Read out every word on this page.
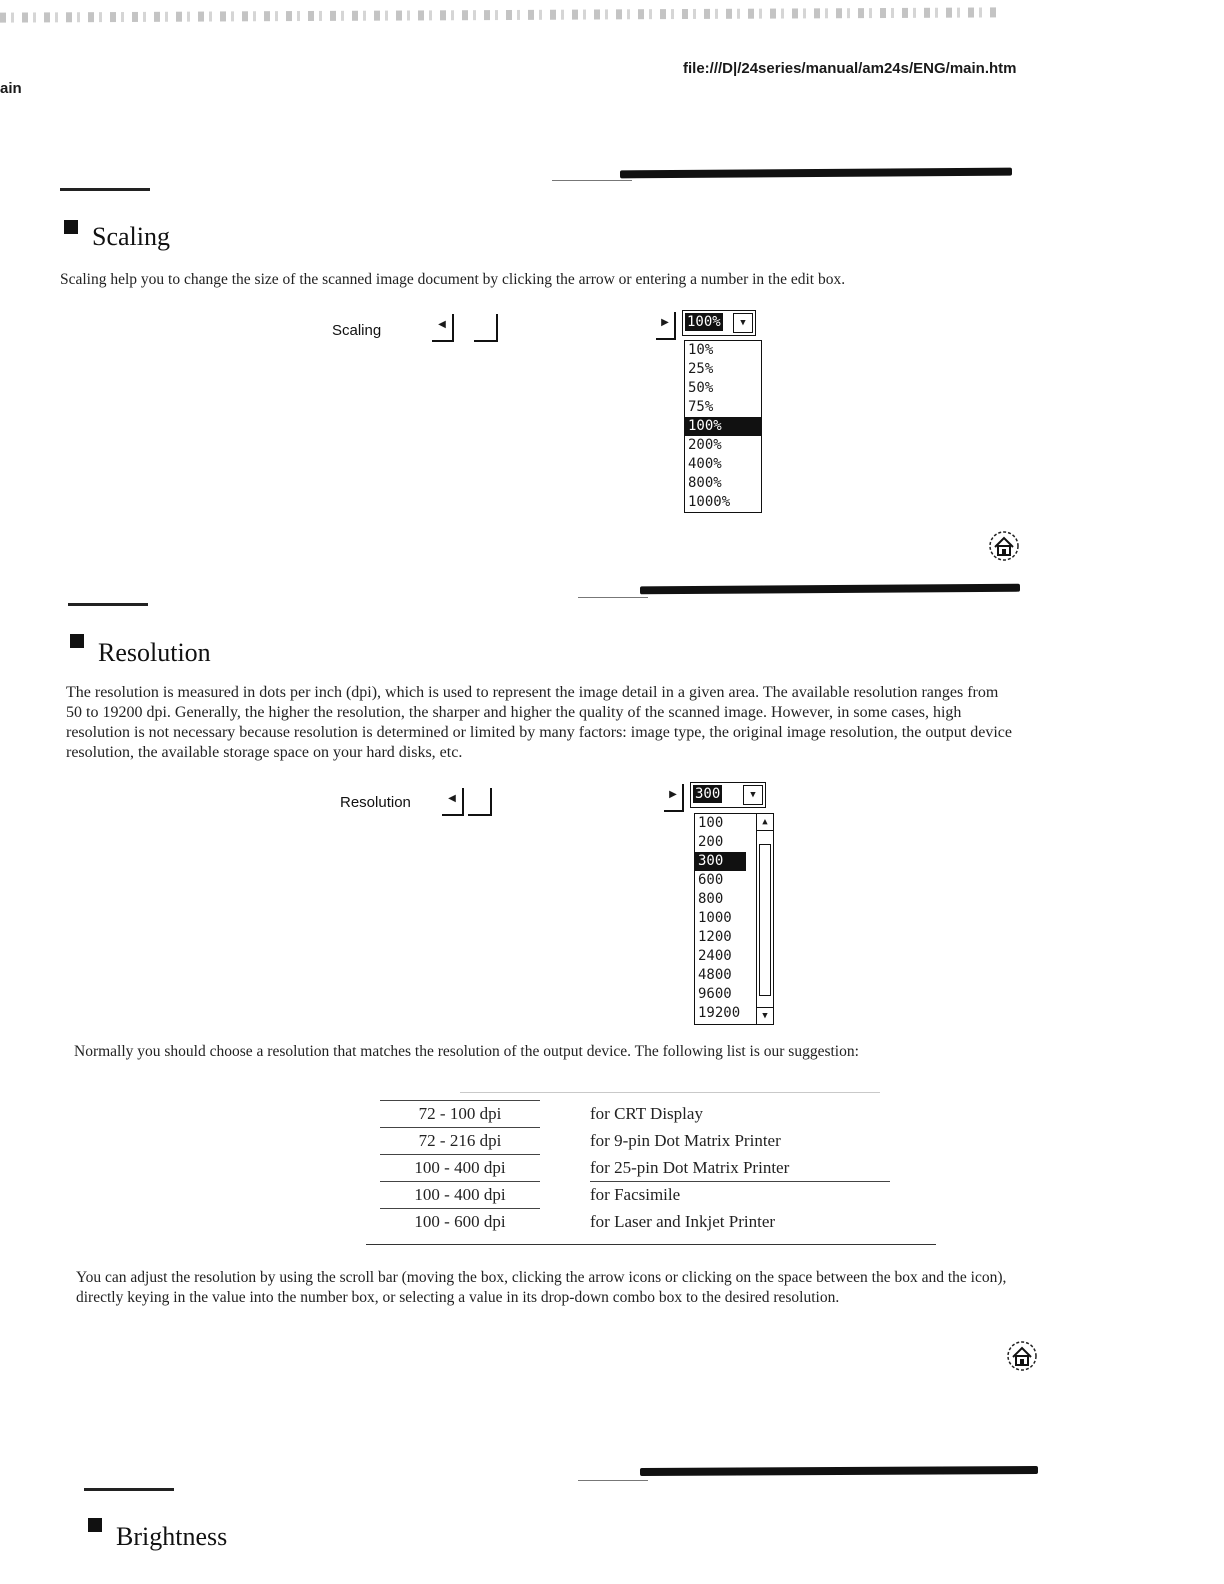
ain
file:///D|/24series/manual/am24s/ENG/main.htm
Scaling
Scaling help you to change the size of the scanned image document by clicking the arrow or entering a number in the edit box.
Scaling	◀	▶	100%	▼
10%
25%
50%
75%
100%
200%
400%
800%
1000%
Resolution
The resolution is measured in dots per inch (dpi), which is used to represent the image detail in a given area. The available resolution ranges from 50 to 19200 dpi. Generally, the higher the resolution, the sharper and higher the quality of the scanned image. However, in some cases, high resolution is not necessary because resolution is determined or limited by many factors: image type, the original image resolution, the output device resolution, the available storage space on your hard disks, etc.
Resolution	◀	▶	300	▼
100
200
300
600
800
1000
1200
2400
4800
9600
19200
▲
▼
Normally you should choose a resolution that matches the resolution of the output device. The following list is our suggestion:
72 - 100 dpi		for CRT Display
72 - 216 dpi		for 9-pin Dot Matrix Printer
100 - 400 dpi		for 25-pin Dot Matrix Printer
100 - 400 dpi		for Facsimile
100 - 600 dpi		for Laser and Inkjet Printer
You can adjust the resolution by using the scroll bar (moving the box, clicking the arrow icons or clicking on the space between the box and the icon), directly keying in the value into the number box, or selecting a value in its drop-down combo box to the desired resolution.
Brightness
